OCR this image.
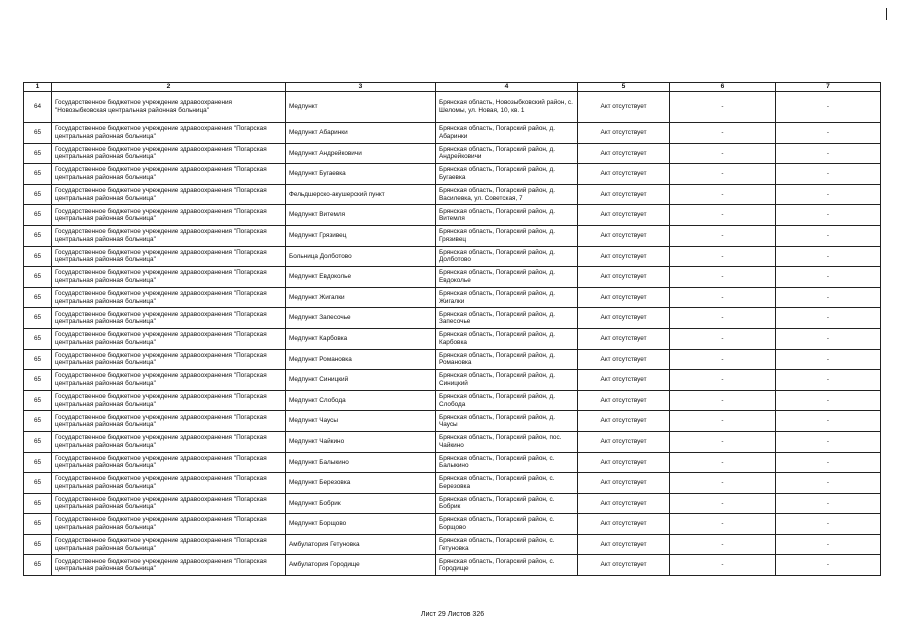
1	2	3	4	5	6	7
64	Государственное бюджетное учреждение здравоохранения "Новозыбковская центральная районная больница"	Медпункт	Брянская область, Новозыбковский район, с. Шеломы, ул. Новая, 10, кв. 1	Акт отсутствует	-	-
65	Государственное бюджетное учреждение здравоохранения "Погарская центральная районная больница"	Медпункт Абаринки	Брянская область, Погарский район, д. Абаринки	Акт отсутствует	-	-
65	Государственное бюджетное учреждение здравоохранения "Погарская центральная районная больница"	Медпункт Андрейковичи	Брянская область, Погарский район, д. Андрейковичи	Акт отсутствует	-	-
65	Государственное бюджетное учреждение здравоохранения "Погарская центральная районная больница"	Медпункт Бугаевка	Брянская область, Погарский район, д. Бугаевка	Акт отсутствует	-	-
65	Государственное бюджетное учреждение здравоохранения "Погарская центральная районная больница"	Фельдшерско-акушерский пункт	Брянская область, Погарский район, д. Василевка, ул. Советская, 7	Акт отсутствует	-	-
65	Государственное бюджетное учреждение здравоохранения "Погарская центральная районная больница"	Медпункт Витемля	Брянская область, Погарский район, д. Витемля	Акт отсутствует	-	-
65	Государственное бюджетное учреждение здравоохранения "Погарская центральная районная больница"	Медпункт Грязивец	Брянская область, Погарский район, д. Грязивец	Акт отсутствует	-	-
65	Государственное бюджетное учреждение здравоохранения "Погарская центральная районная больница"	Больница Долботово	Брянская область, Погарский район, д. Долботово	Акт отсутствует	-	-
65	Государственное бюджетное учреждение здравоохранения "Погарская центральная районная больница"	Медпункт Евдоколье	Брянская область, Погарский район, д. Евдоколье	Акт отсутствует	-	-
65	Государственное бюджетное учреждение здравоохранения "Погарская центральная районная больница"	Медпункт Жигалки	Брянская область, Погарский район, д. Жигалки	Акт отсутствует	-	-
65	Государственное бюджетное учреждение здравоохранения "Погарская центральная районная больница"	Медпункт Запесочье	Брянская область, Погарский район, д. Запесочье	Акт отсутствует	-	-
65	Государственное бюджетное учреждение здравоохранения "Погарская центральная районная больница"	Медпункт Карбовка	Брянская область, Погарский район, д. Карбовка	Акт отсутствует	-	-
65	Государственное бюджетное учреждение здравоохранения "Погарская центральная районная больница"	Медпункт Романовка	Брянская область, Погарский район, д. Романовка	Акт отсутствует	-	-
65	Государственное бюджетное учреждение здравоохранения "Погарская центральная районная больница"	Медпункт Синицкий	Брянская область, Погарский район, д. Синицкий	Акт отсутствует	-	-
65	Государственное бюджетное учреждение здравоохранения "Погарская центральная районная больница"	Медпункт Слобода	Брянская область, Погарский район, д. Слобода	Акт отсутствует	-	-
65	Государственное бюджетное учреждение здравоохранения "Погарская центральная районная больница"	Медпункт Чаусы	Брянская область, Погарский район, д. Чаусы	Акт отсутствует	-	-
65	Государственное бюджетное учреждение здравоохранения "Погарская центральная районная больница"	Медпункт Чайкино	Брянская область, Погарский район, пос. Чайкино	Акт отсутствует	-	-
65	Государственное бюджетное учреждение здравоохранения "Погарская центральная районная больница"	Медпункт Балыкино	Брянская область, Погарский район, с. Балыкино	Акт отсутствует	-	-
65	Государственное бюджетное учреждение здравоохранения "Погарская центральная районная больница"	Медпункт Березовка	Брянская область, Погарский район, с. Березовка	Акт отсутствует	-	-
65	Государственное бюджетное учреждение здравоохранения "Погарская центральная районная больница"	Медпункт Бобрик	Брянская область, Погарский район, с. Бобрик	Акт отсутствует	-	-
65	Государственное бюджетное учреждение здравоохранения "Погарская центральная районная больница"	Медпункт Борщово	Брянская область, Погарский район, с. Борщово	Акт отсутствует	-	-
65	Государственное бюджетное учреждение здравоохранения "Погарская центральная районная больница"	Амбулатория Гетуновка	Брянская область, Погарский район, с. Гетуновка	Акт отсутствует	-	-
65	Государственное бюджетное учреждение здравоохранения "Погарская центральная районная больница"	Амбулатория Городище	Брянская область, Погарский район, с. Городище	Акт отсутствует	-	-
Лист 29 Листов 326
